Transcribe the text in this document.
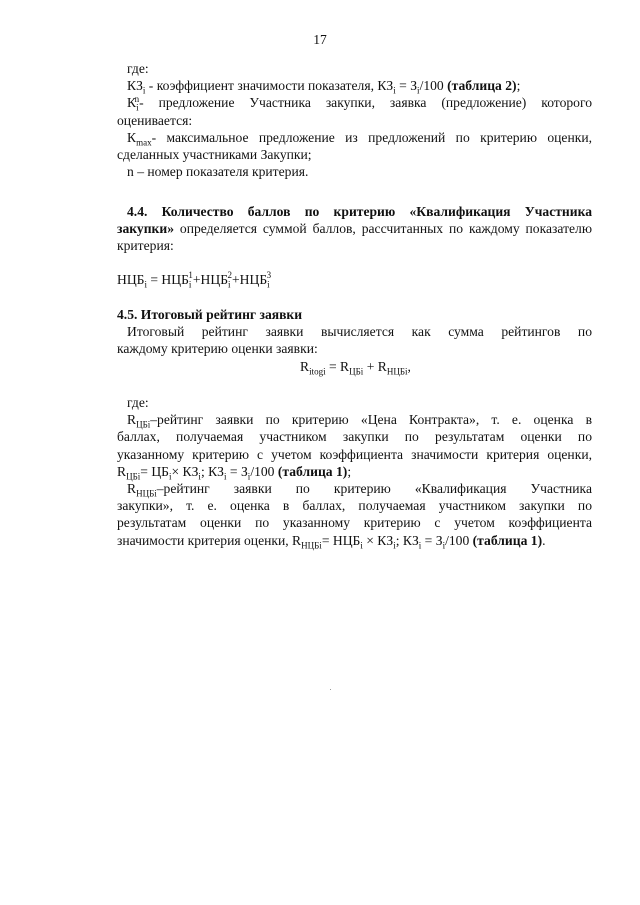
17
где:
$КЗ_i$ - коэффициент значимости показателя, $КЗ_i = З_i/100$ (таблица 2);
$К_i^n-$ предложение Участника закупки, заявка (предложение) которого
оценивается:
$К_{max}-$ максимальное предложение из предложений по критерию оценки,
сделанных участниками Закупки;
n – номер показателя критерия.
4.4. Количество баллов по критерию «Квалификация Участника
закупки» определяется суммой баллов, рассчитанных по каждому показателю
критерия:
$НЦБ_i = НЦБ_i^1+НЦБ_i^2+НЦБ_i^3$
4.5. Итоговый рейтинг заявки
Итоговый рейтинг заявки вычисляется как сумма рейтингов по
каждому критерию оценки заявки:
$R_{itogi} = R_{ЦБi} + R_{НЦБi}$,
где:
$R_{ЦБi}$–рейтинг заявки по критерию «Цена Контракта», т. е. оценка в
баллах, получаемая участником закупки по результатам оценки по
указанному критерию с учетом коэффициента значимости критерия оценки,
$R_{ЦБi}= ЦБ_i\times КЗ_i$; $КЗ_i = З_i/100$ (таблица 1);
$R_{НЦБi}$–рейтинг заявки по критерию «Квалификация Участника
закупки», т. е. оценка в баллах, получаемая участником закупки по
результатам оценки по указанному критерию с учетом коэффициента
значимости критерия оценки, $R_{НЦБi}= НЦБ_i \times КЗ_i$; $КЗ_i = З_i/100$ (таблица 1).
